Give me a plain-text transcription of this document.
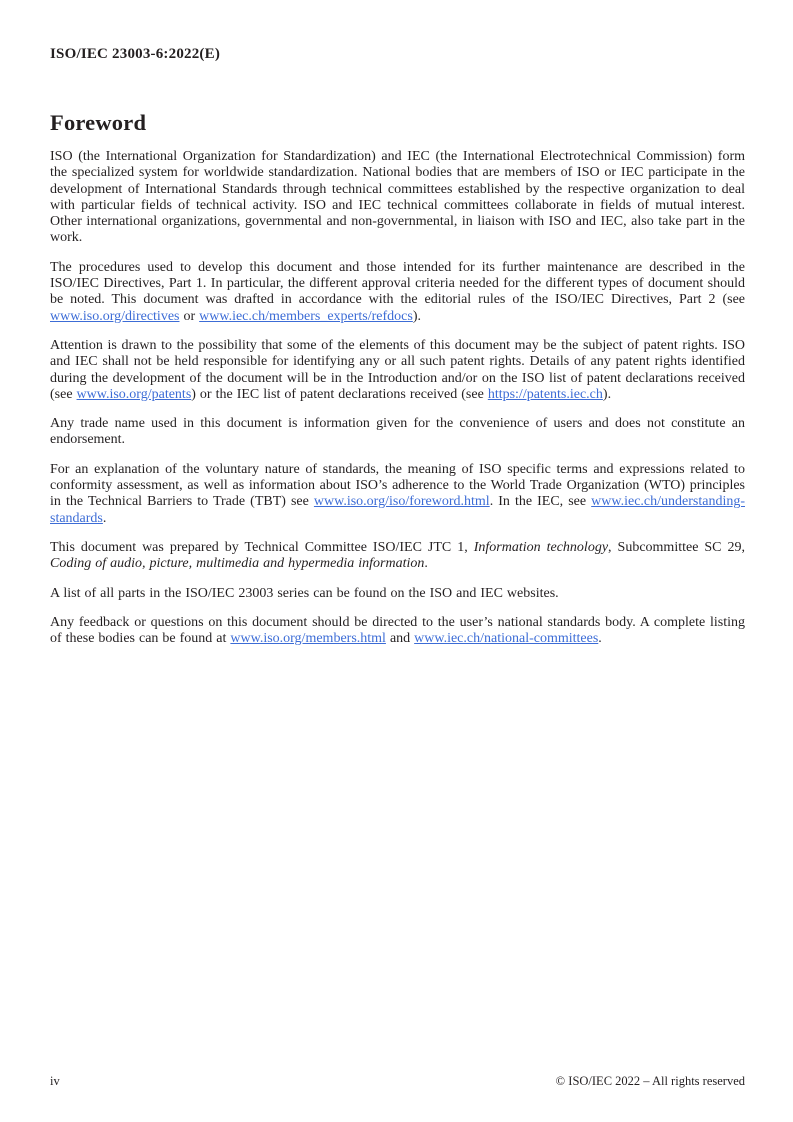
ISO/IEC 23003-6:2022(E)
Foreword

ISO (the International Organization for Standardization) and IEC (the International Electrotechnical Commission) form the specialized system for worldwide standardization. National bodies that are members of ISO or IEC participate in the development of International Standards through technical committees established by the respective organization to deal with particular fields of technical activity. ISO and IEC technical committees collaborate in fields of mutual interest. Other international organizations, governmental and non-governmental, in liaison with ISO and IEC, also take part in the work.

The procedures used to develop this document and those intended for its further maintenance are described in the ISO/IEC Directives, Part 1. In particular, the different approval criteria needed for the different types of document should be noted. This document was drafted in accordance with the editorial rules of the ISO/IEC Directives, Part 2 (see www.iso.org/directives or www.iec.ch/members_experts/refdocs).

Attention is drawn to the possibility that some of the elements of this document may be the subject of patent rights. ISO and IEC shall not be held responsible for identifying any or all such patent rights. Details of any patent rights identified during the development of the document will be in the Introduction and/or on the ISO list of patent declarations received (see www.iso.org/patents) or the IEC list of patent declarations received (see https://patents.iec.ch).

Any trade name used in this document is information given for the convenience of users and does not constitute an endorsement.

For an explanation of the voluntary nature of standards, the meaning of ISO specific terms and expressions related to conformity assessment, as well as information about ISO’s adherence to the World Trade Organization (WTO) principles in the Technical Barriers to Trade (TBT) see www.iso.org/iso/foreword.html. In the IEC, see www.iec.ch/understanding-standards.

This document was prepared by Technical Committee ISO/IEC JTC 1, Information technology, Subcommittee SC 29, Coding of audio, picture, multimedia and hypermedia information.

A list of all parts in the ISO/IEC 23003 series can be found on the ISO and IEC websites.

Any feedback or questions on this document should be directed to the user’s national standards body. A complete listing of these bodies can be found at www.iso.org/members.html and www.iec.ch/national-committees.

iv	© ISO/IEC 2022 – All rights reserved
